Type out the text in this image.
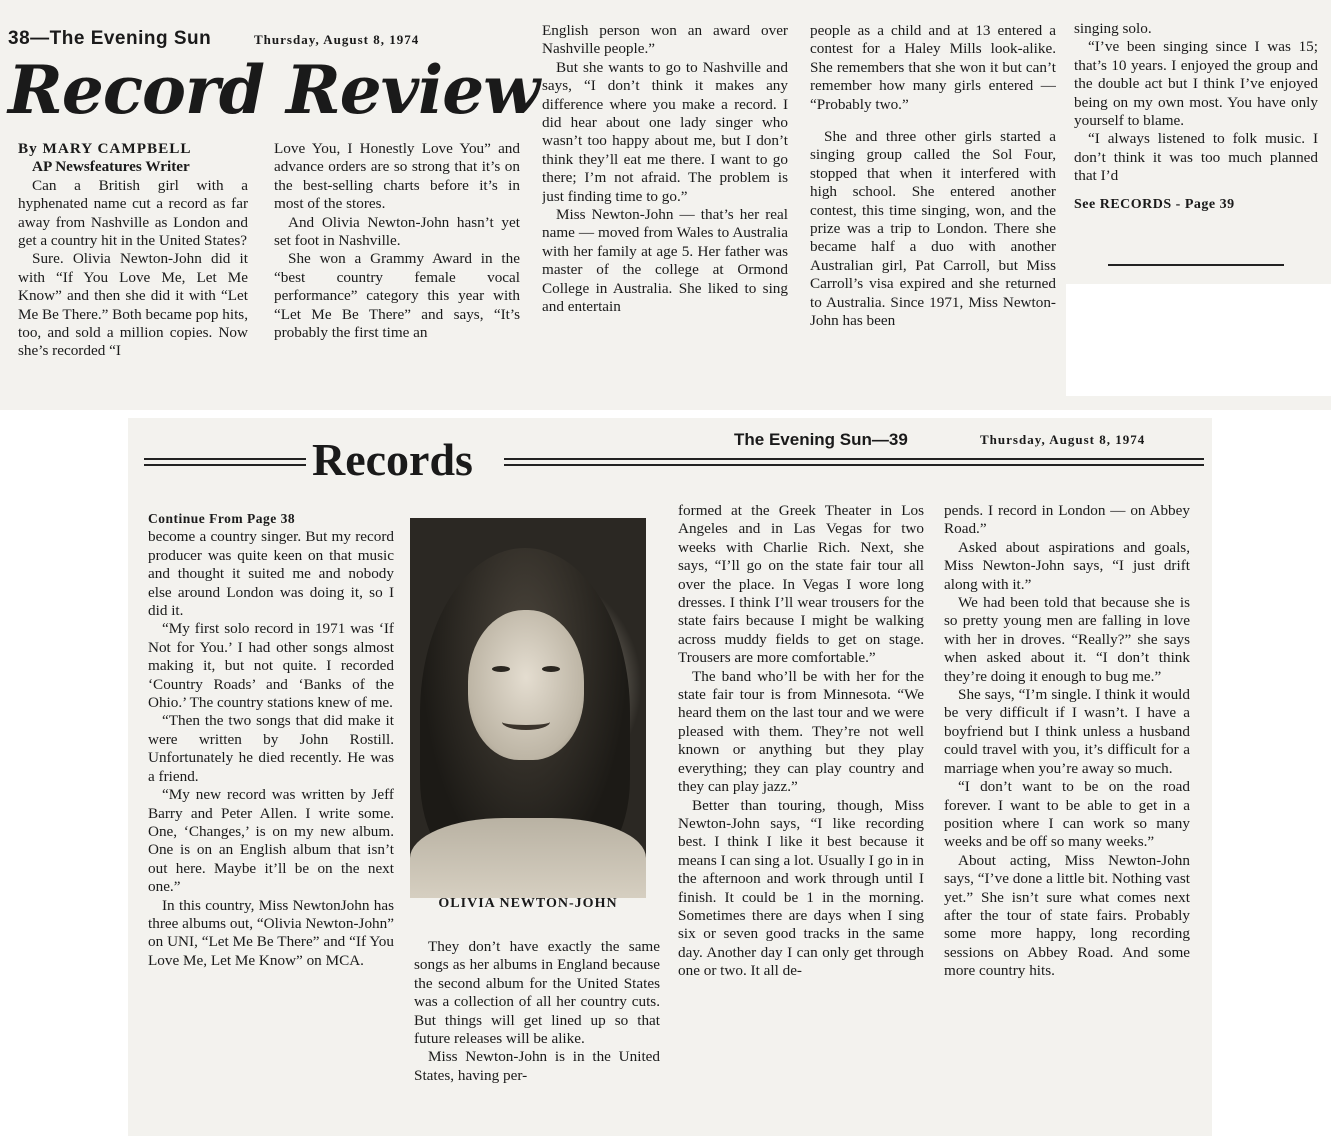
38—The Evening Sun	Thursday, August 8, 1974
Record Review

By MARY CAMPBELL

AP Newsfeatures Writer

Can a British girl with a hyphenated name cut a record as far away from Nashville as London and get a country hit in the United States?

Sure. Olivia Newton-John did it with “If You Love Me, Let Me Know” and then she did it with “Let Me Be There.” Both became pop hits, too, and sold a million copies. Now she’s recorded “I

Love You, I Honestly Love You” and advance orders are so strong that it’s on the best-selling charts before it’s in most of the stores.

And Olivia Newton-John hasn’t yet set foot in Nashville.

She won a Grammy Award in the “best country female vocal performance” category this year with “Let Me Be There” and says, “It’s probably the first time an

English person won an award over Nashville people.”

But she wants to go to Nashville and says, “I don’t think it makes any difference where you make a record. I did hear about one lady singer who wasn’t too happy about me, but I don’t think they’ll eat me there. I want to go there; I’m not afraid. The problem is just finding time to go.”

Miss Newton-John — that’s her real name — moved from Wales to Australia with her family at age 5. Her father was master of the college at Ormond College in Australia. She liked to sing and entertain

people as a child and at 13 entered a contest for a Haley Mills look-alike. She remembers that she won it but can’t remember how many girls entered — “Probably two.”

She and three other girls started a singing group called the Sol Four, stopped that when it interfered with high school. She entered another contest, this time singing, won, and the prize was a trip to London. There she became half a duo with another Australian girl, Pat Carroll, but Miss Carroll’s visa expired and she returned to Australia. Since 1971, Miss Newton-John has been

singing solo.

“I’ve been singing since I was 15; that’s 10 years. I enjoyed the group and the double act but I think I’ve enjoyed being on my own most. You have only yourself to blame.

“I always listened to folk music. I don’t think it was too much planned that I’d

See RECORDS - Page 39

Records	The Evening Sun—39	Thursday, August 8, 1974

Continue From Page 38

become a country singer. But my record producer was quite keen on that music and thought it suited me and nobody else around London was doing it, so I did it.

“My first solo record in 1971 was ‘If Not for You.’ I had other songs almost making it, but not quite. I recorded ‘Country Roads’ and ‘Banks of the Ohio.’ The country stations knew of me.

“Then the two songs that did make it were written by John Rostill. Unfortunately he died recently. He was a friend.

“My new record was written by Jeff Barry and Peter Allen. I write some. One, ‘Changes,’ is on my new album. One is on an English album that isn’t out here. Maybe it’ll be on the next one.”

In this country, Miss NewtonJohn has three albums out, “Olivia Newton-John” on UNI, “Let Me Be There” and “If You Love Me, Let Me Know” on MCA.

OLIVIA NEWTON-JOHN

They don’t have exactly the same songs as her albums in England because the second album for the United States was a collection of all her country cuts. But things will get lined up so that future releases will be alike.

Miss Newton-John is in the United States, having per-

formed at the Greek Theater in Los Angeles and in Las Vegas for two weeks with Charlie Rich. Next, she says, “I’ll go on the state fair tour all over the place. In Vegas I wore long dresses. I think I’ll wear trousers for the state fairs because I might be walking across muddy fields to get on stage. Trousers are more comfortable.”

The band who’ll be with her for the state fair tour is from Minnesota. “We heard them on the last tour and we were pleased with them. They’re not well known or anything but they play everything; they can play country and they can play jazz.”

Better than touring, though, Miss Newton-John says, “I like recording best. I think I like it best because it means I can sing a lot. Usually I go in in the afternoon and work through until I finish. It could be 1 in the morning. Sometimes there are days when I sing six or seven good tracks in the same day. Another day I can only get through one or two. It all de-

pends. I record in London — on Abbey Road.”

Asked about aspirations and goals, Miss Newton-John says, “I just drift along with it.”

We had been told that because she is so pretty young men are falling in love with her in droves. “Really?” she says when asked about it. “I don’t think they’re doing it enough to bug me.”

She says, “I’m single. I think it would be very difficult if I wasn’t. I have a boyfriend but I think unless a husband could travel with you, it’s difficult for a marriage when you’re away so much.

“I don’t want to be on the road forever. I want to be able to get in a position where I can work so many weeks and be off so many weeks.”

About acting, Miss Newton-John says, “I’ve done a little bit. Nothing vast yet.” She isn’t sure what comes next after the tour of state fairs. Probably some more happy, long recording sessions on Abbey Road. And some more country hits.
